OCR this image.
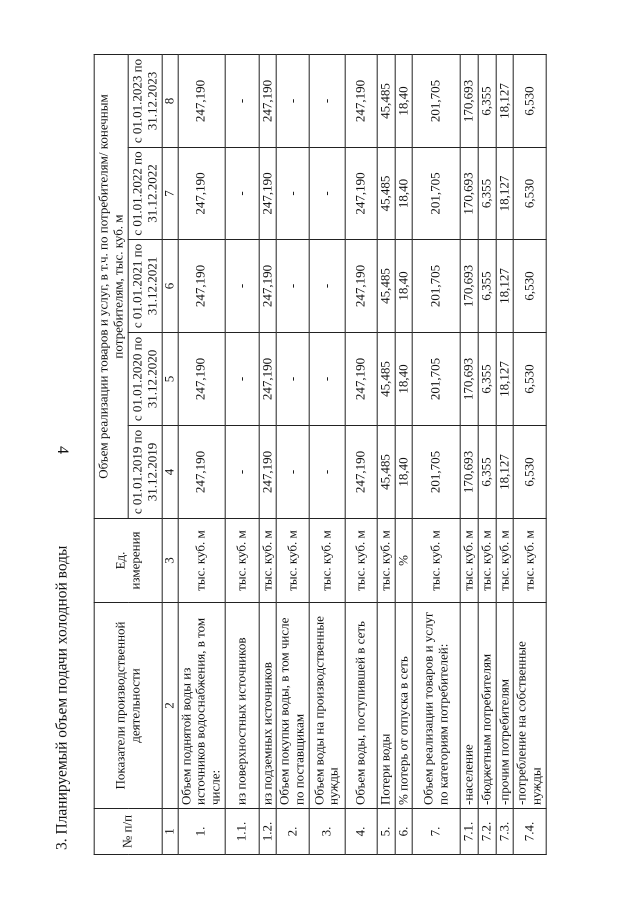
4
3. Планируемый объем подачи холодной воды	№ п/п	Показатели производственной деятельности	Ед. измерения	Объем реализации товаров и услуг, в т.ч. по потребителям/ конечным потребителям, тыс. куб. м				
			с 01.01.2019 по 31.12.2019	с 01.01.2020 по 31.12.2020	с 01.01.2021 по 31.12.2021	с 01.01.2022 по 31.12.2022	с 01.01.2023 по 31.12.2023
1	2	3	4	5	6	7	8
1.	Объем поднятой воды из источников водоснабжения, в том числе:	тыс. куб. м	247,190	247,190	247,190	247,190	247,190
1.1.	из поверхностных источников	тыс. куб. м	-	-	-	-	-
1.2.	из подземных источников	тыс. куб. м	247,190	247,190	247,190	247,190	247,190
2.	Объем покупки воды, в том числе по поставщикам	тыс. куб. м	-	-	-	-	-
3.	Объем воды на производственные нужды	тыс. куб. м	-	-	-	-	-
4.	Объем воды, поступившей в сеть	тыс. куб. м	247,190	247,190	247,190	247,190	247,190
5.	Потери воды	тыс. куб. м	45,485	45,485	45,485	45,485	45,485
6.	% потерь от отпуска в сеть	%	18,40	18,40	18,40	18,40	18,40
7.	Объем реализации товаров и услуг по категориям потребителей:	тыс. куб. м	201,705	201,705	201,705	201,705	201,705
7.1.	-население	тыс. куб. м	170,693	170,693	170,693	170,693	170,693
7.2.	-бюджетным потребителям	тыс. куб. м	6,355	6,355	6,355	6,355	6,355
7.3.	-прочим потребителям	тыс. куб. м	18,127	18,127	18,127	18,127	18,127
7.4.	-потребление на собственные нужды	тыс. куб. м	6,530	6,530	6,530	6,530	6,530
